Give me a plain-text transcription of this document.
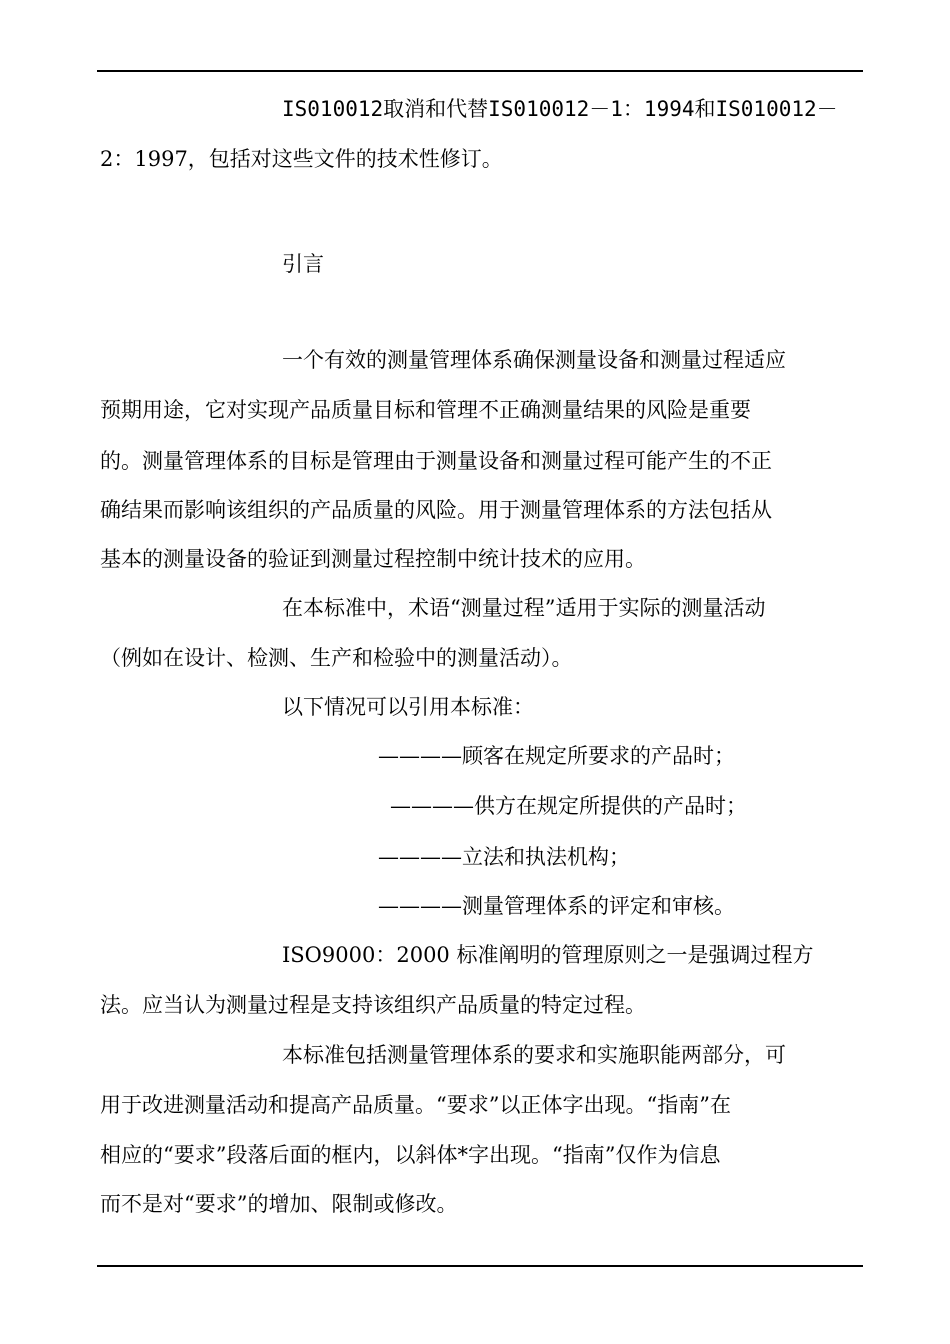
IS010012取消和代替IS010012－1：1994和IS010012－
2：1997，包括对这些文件的技术性修订。
引言
一个有效的测量管理体系确保测量设备和测量过程适应
预期用途，它对实现产品质量目标和管理不正确测量结果的风险是重要
的。测量管理体系的目标是管理由于测量设备和测量过程可能产生的不正
确结果而影响该组织的产品质量的风险。用于测量管理体系的方法包括从
基本的测量设备的验证到测量过程控制中统计技术的应用。
在本标准中，术语“测量过程”适用于实际的测量活动
（例如在设计、检测、生产和检验中的测量活动）。
以下情况可以引用本标准：
————顾客在规定所要求的产品时；
————供方在规定所提供的产品时；
————立法和执法机构；
————测量管理体系的评定和审核。
ISO9000：2000 标准阐明的管理原则之一是强调过程方
法。应当认为测量过程是支持该组织产品质量的特定过程。
本标准包括测量管理体系的要求和实施职能两部分，可
用于改进测量活动和提高产品质量。“要求”以正体字出现。“指南”在
相应的“要求”段落后面的框内，以斜体*字出现。“指南”仅作为信息
而不是对“要求”的增加、限制或修改。
